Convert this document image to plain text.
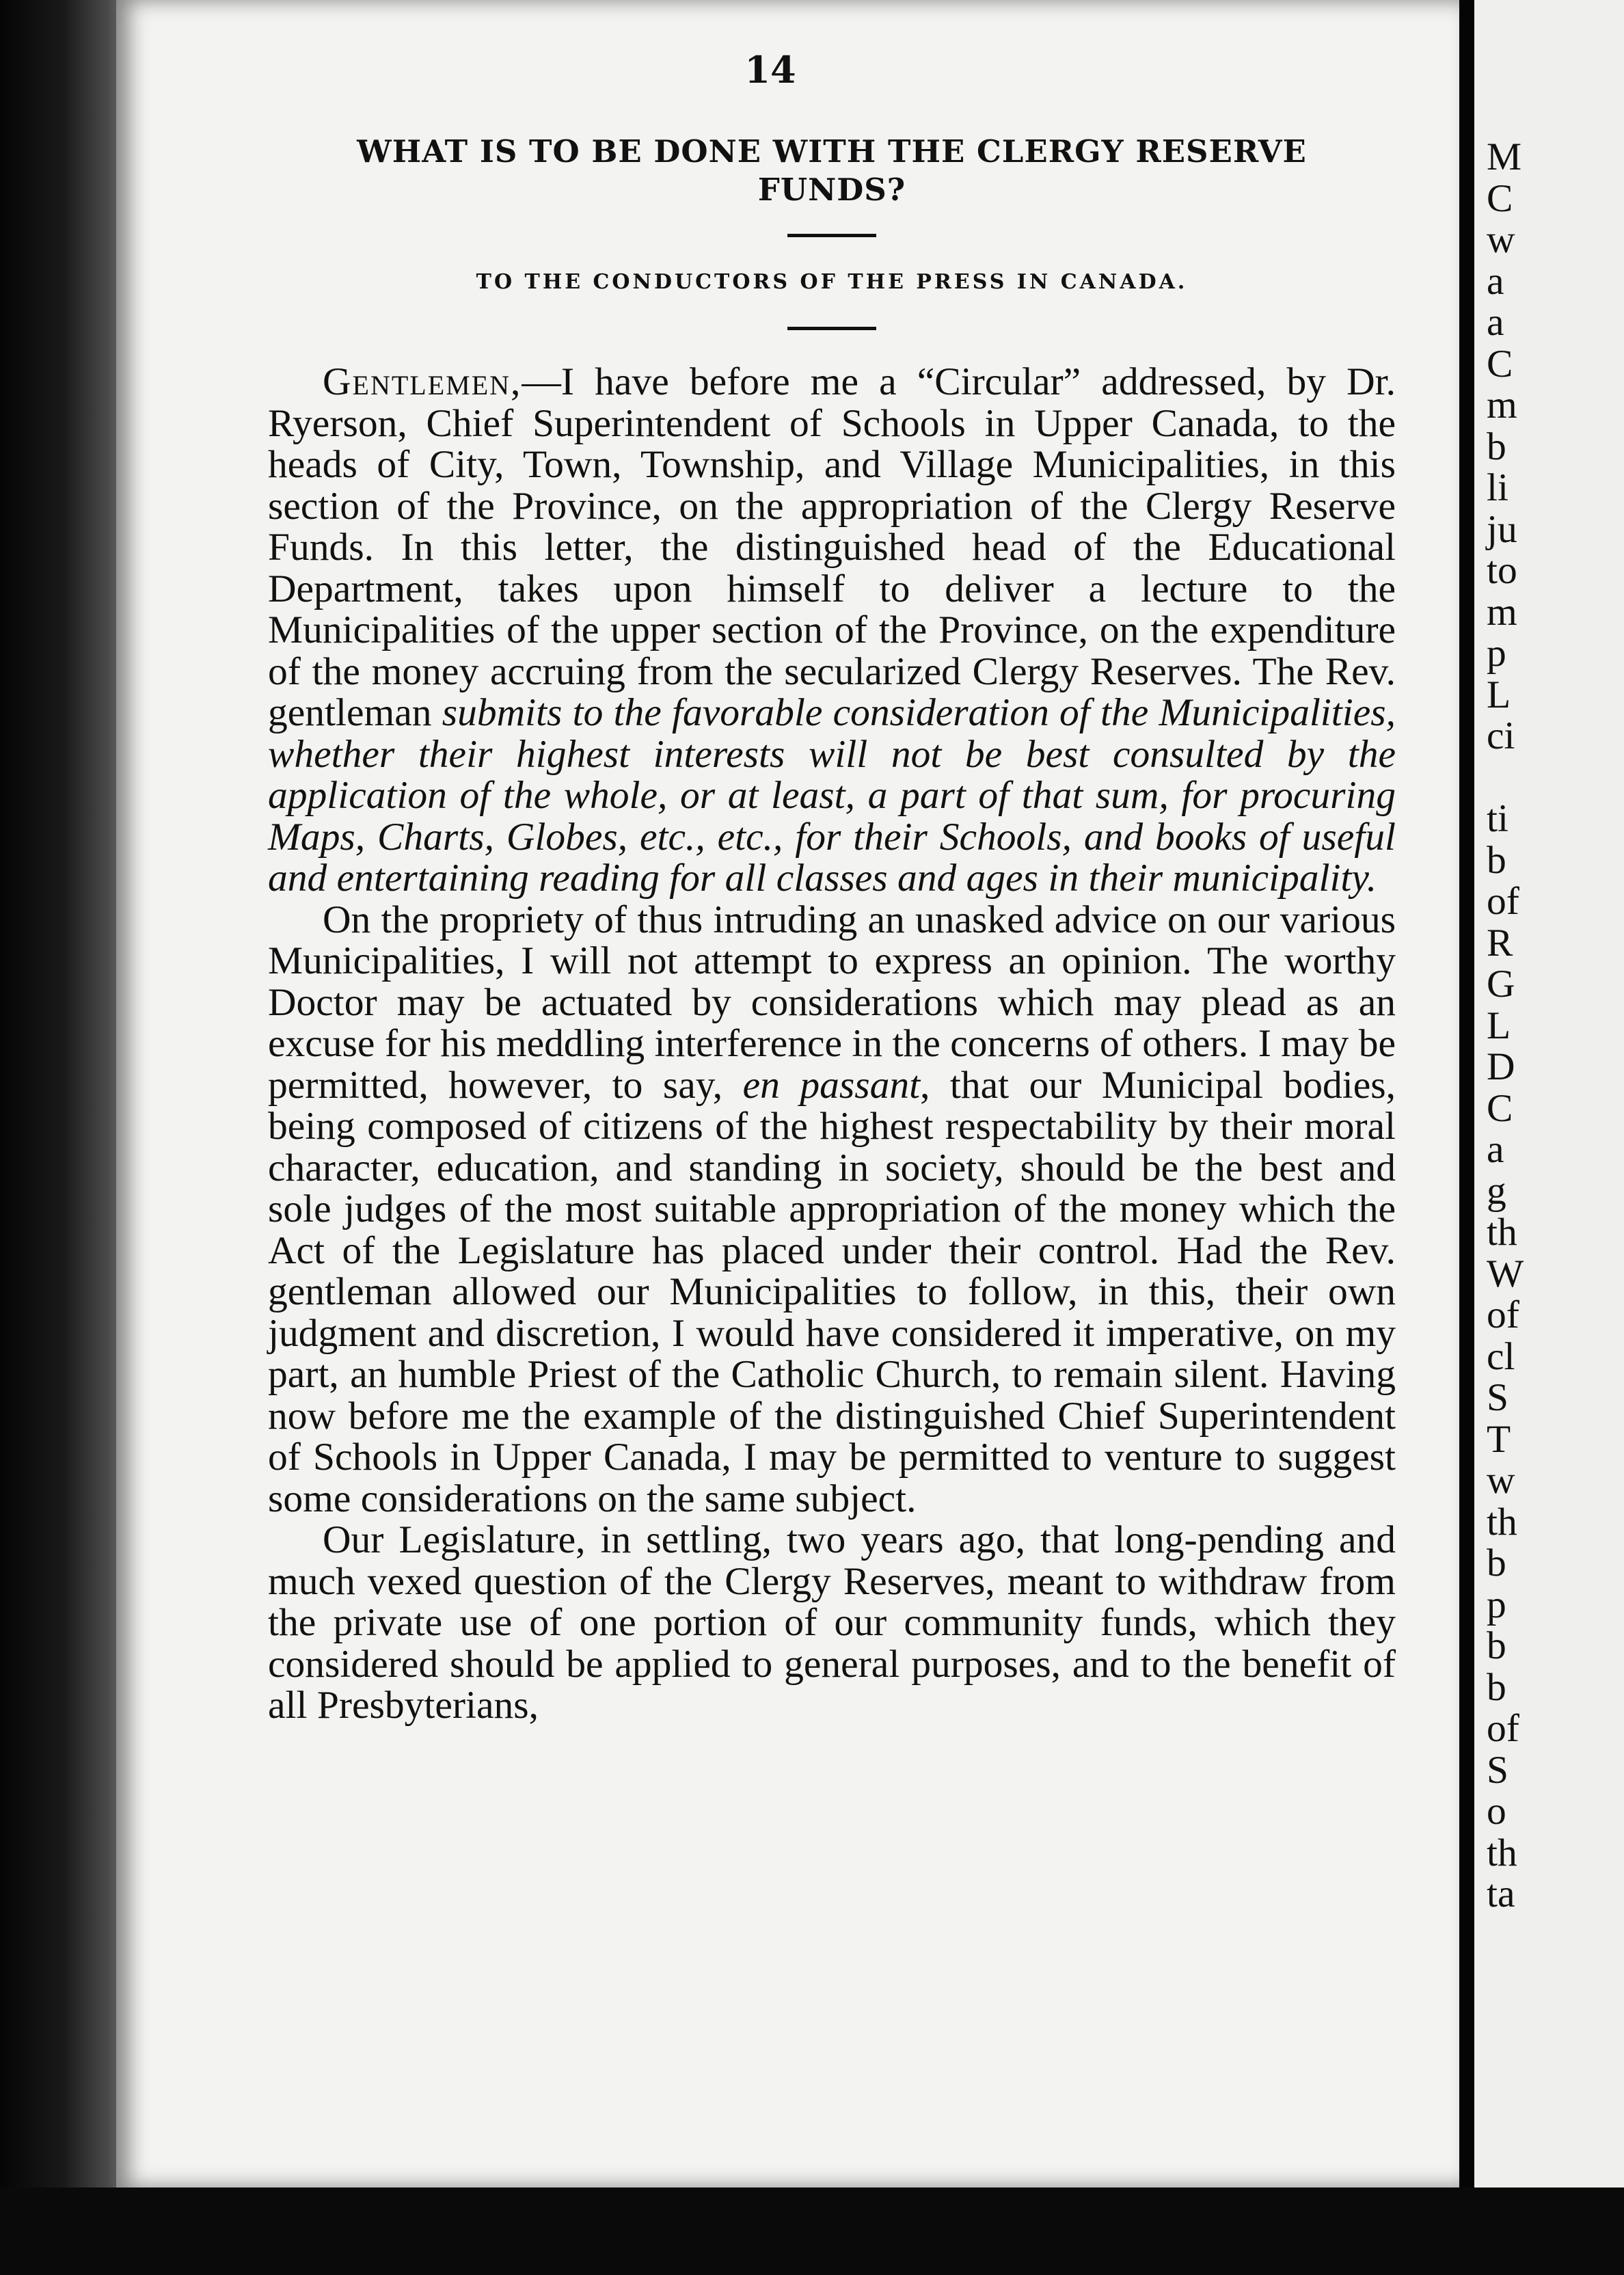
14
WHAT IS TO BE DONE WITH THE CLERGY RESERVE
FUNDS?
TO THE CONDUCTORS OF THE PRESS IN CANADA.

Gentlemen,—I have before me a “Circular” addressed, by Dr. Ryerson, Chief Superintendent of Schools in Upper Canada, to the heads of City, Town, Township, and Village Municipalities, in this section of the Province, on the appropriation of the Clergy Reserve Funds. In this letter, the distinguished head of the Educational Department, takes upon himself to deliver a lecture to the Municipalities of the upper section of the Province, on the expenditure of the money accruing from the secularized Clergy Reserves. The Rev. gentleman submits to the favorable consideration of the Municipalities, whether their highest interests will not be best consulted by the application of the whole, or at least, a part of that sum, for procuring Maps, Charts, Globes, etc., etc., for their Schools, and books of useful and entertaining reading for all classes and ages in their municipality.

On the propriety of thus intruding an unasked advice on our various Municipalities, I will not attempt to express an opinion. The worthy Doctor may be actuated by considerations which may plead as an excuse for his meddling interference in the concerns of others. I may be permitted, however, to say, en passant, that our Municipal bodies, being composed of citizens of the highest respectability by their moral character, education, and standing in society, should be the best and sole judges of the most suitable appropriation of the money which the Act of the Legislature has placed under their control. Had the Rev. gentleman allowed our Municipalities to follow, in this, their own judgment and discretion, I would have considered it imperative, on my part, an humble Priest of the Catholic Church, to remain silent. Having now before me the example of the distinguished Chief Superintendent of Schools in Upper Canada, I may be permitted to venture to suggest some considerations on the same subject.

Our Legislature, in settling, two years ago, that long-pending and much vexed question of the Clergy Reserves, meant to withdraw from the private use of one portion of our community funds, which they considered should be applied to general purposes, and to the benefit of all Presbyterians,

M
C
w
a
a
C
m
b
li
ju
to
m
p
L
ci

ti
b
of
R
G
L
D
C
a
g
th
W
of
cl
S
T
w
th
b
p
b
b
of
S
o
th
ta
